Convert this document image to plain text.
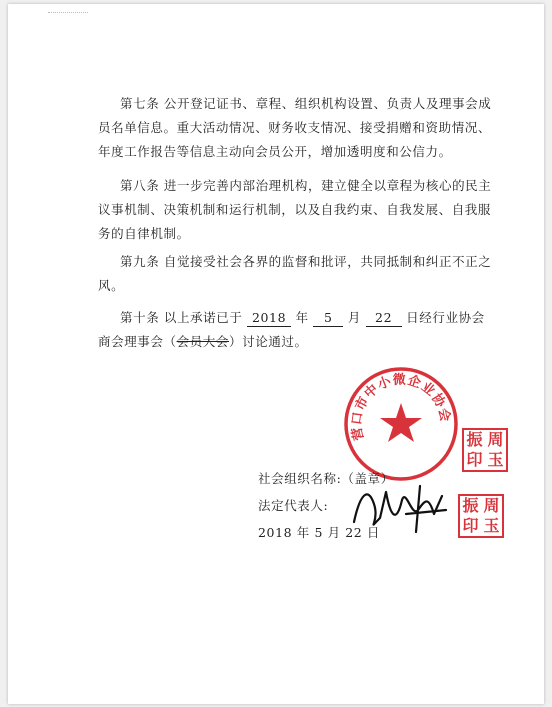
第七条 公开登记证书、章程、组织机构设置、负责人及理事会成
员名单信息。重大活动情况、财务收支情况、接受捐赠和资助情况、
年度工作报告等信息主动向会员公开，增加透明度和公信力。
第八条 进一步完善内部治理机构，建立健全以章程为核心的民主
议事机制、决策机制和运行机制，以及自我约束、自我发展、自我服
务的自律机制。
第九条 自觉接受社会各界的监督和批评，共同抵制和纠正不正之
风。
第十条 以上承诺已于 2018 年 5 月 22 日经行业协会
商会理事会（会员大会）讨论通过。
营口市中小微企业协会
振 周
印 玉
社会组织名称:（盖章）
法定代表人:
2018 年 5 月 22 日
振 周
印 玉
